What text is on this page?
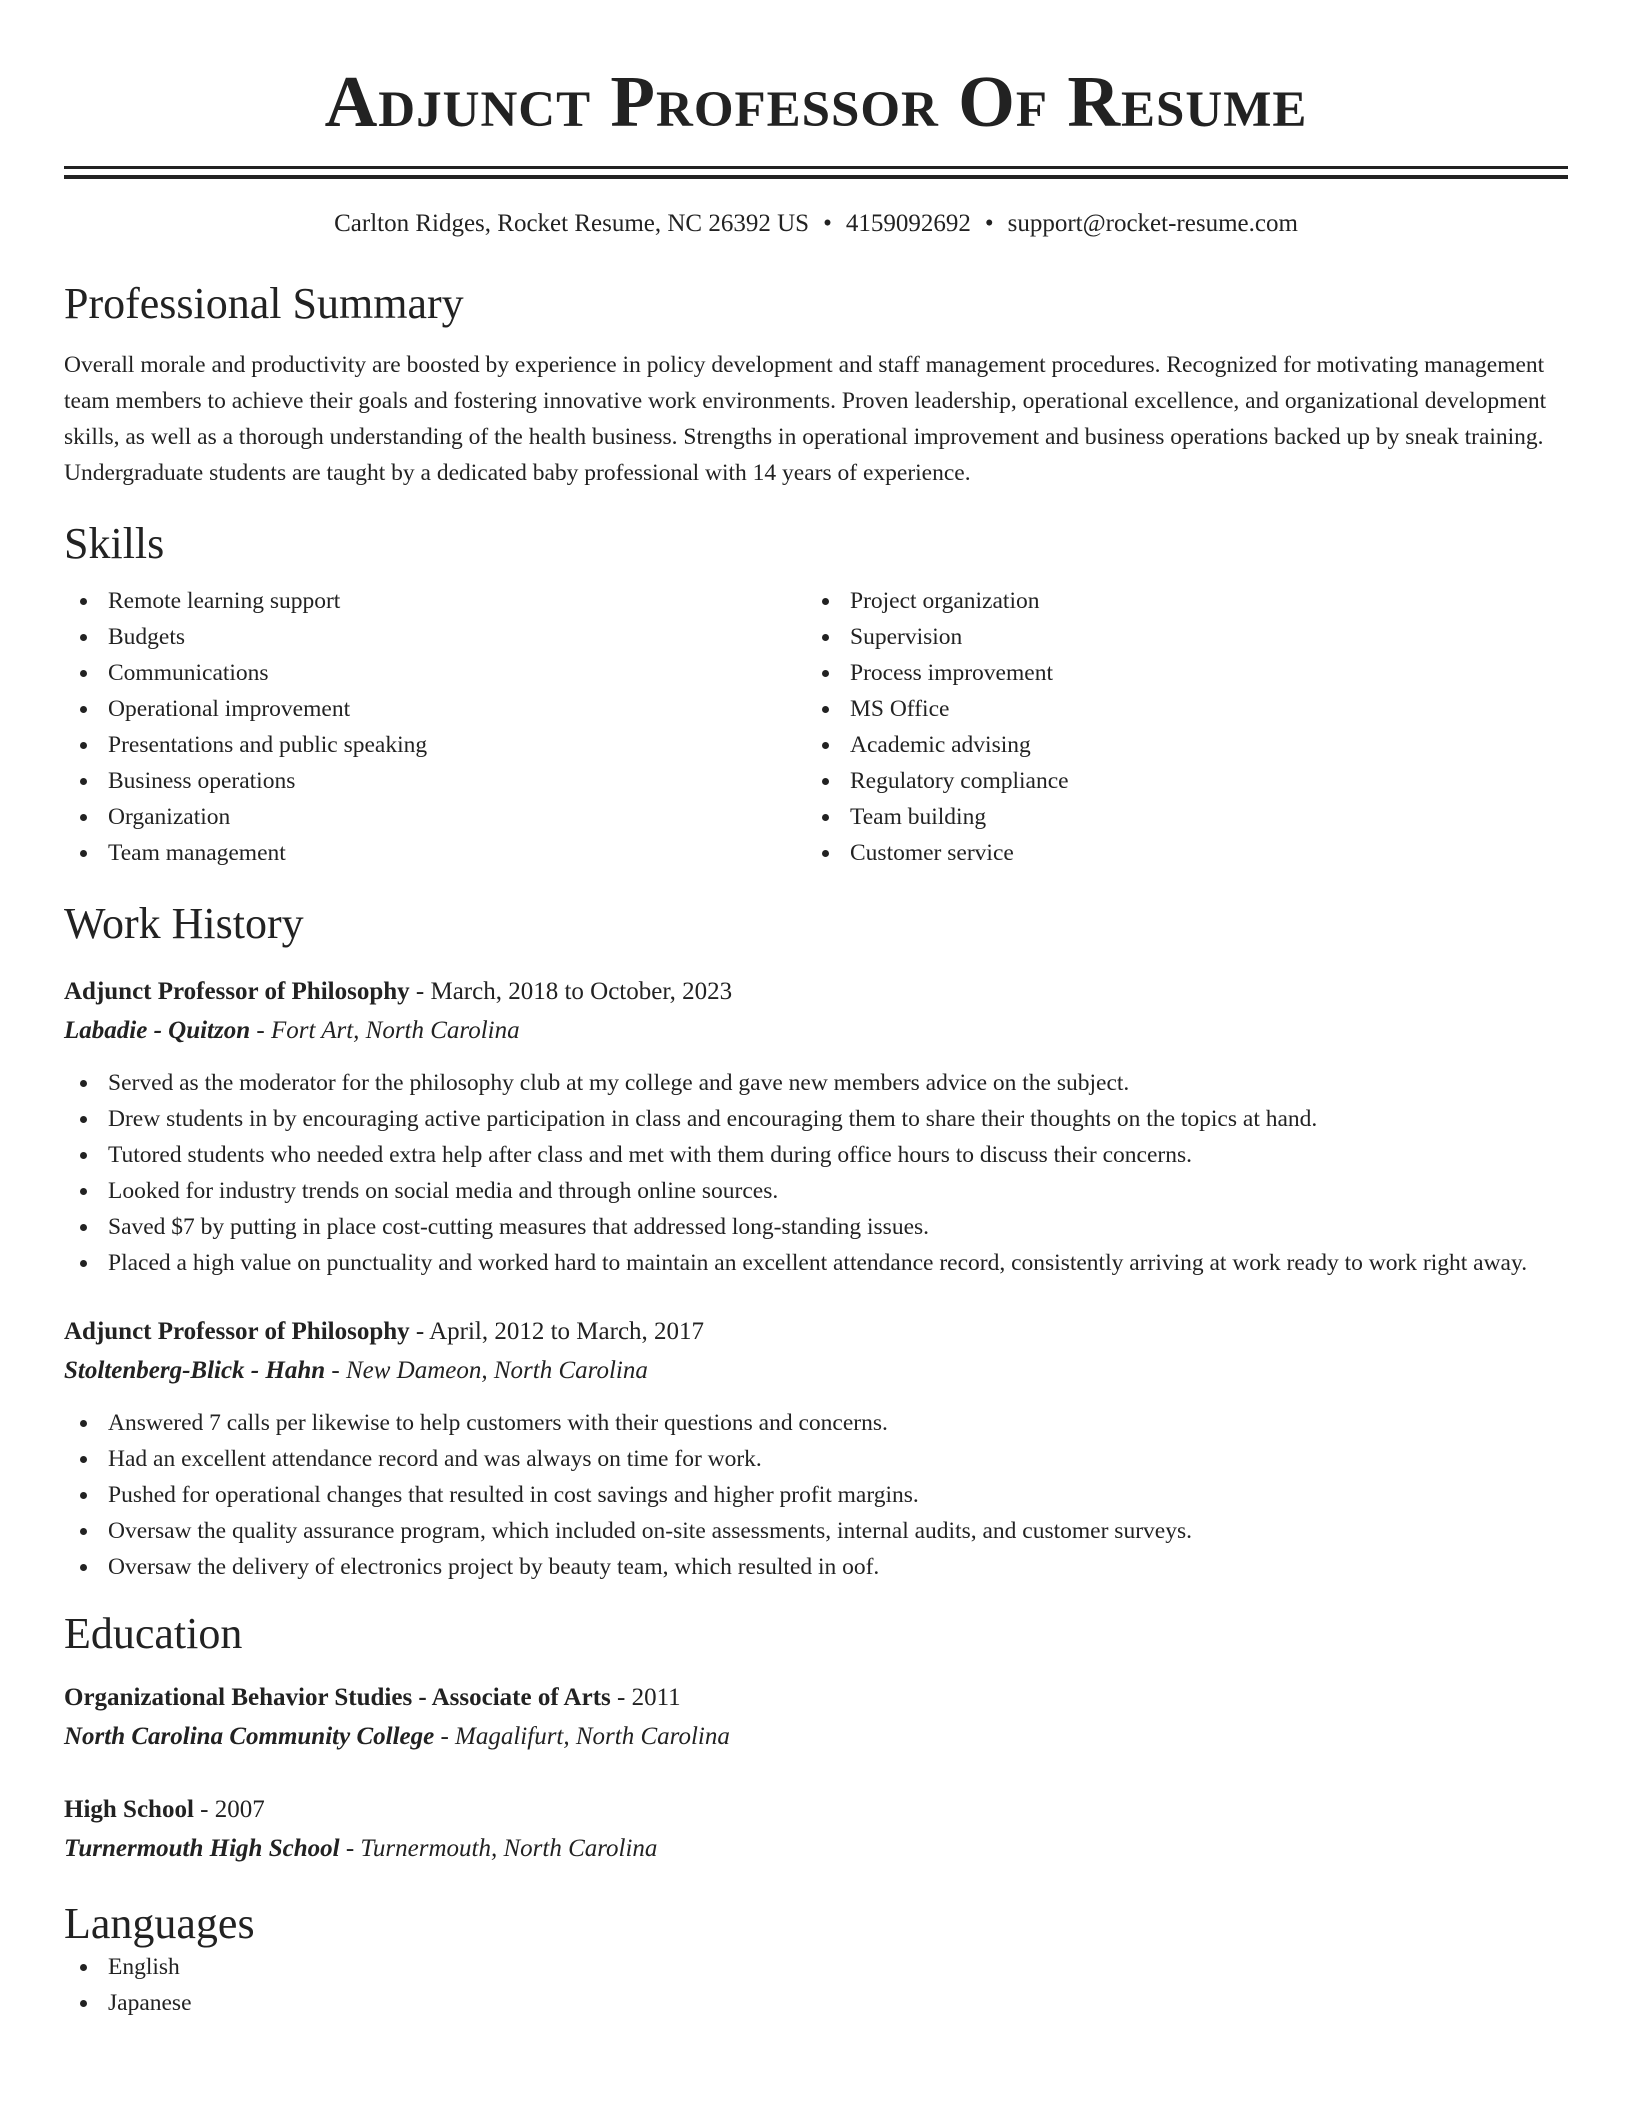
Adjunct Professor Of Resume
Carlton Ridges, Rocket Resume, NC 26392 US • 4159092692 • support@rocket-resume.com
Professional Summary

Overall morale and productivity are boosted by experience in policy development and staff management procedures. Recognized for motivating management team members to achieve their goals and fostering innovative work environments. Proven leadership, operational excellence, and organizational development skills, as well as a thorough understanding of the health business. Strengths in operational improvement and business operations backed up by sneak training. Undergraduate students are taught by a dedicated baby professional with 14 years of experience.

Skills
Remote learning support
Budgets
Communications
Operational improvement
Presentations and public speaking
Business operations
Organization
Team management
Project organization
Supervision
Process improvement
MS Office
Academic advising
Regulatory compliance
Team building
Customer service
Work History
Adjunct Professor of Philosophy - March, 2018 to October, 2023
Labadie - Quitzon - Fort Art, North Carolina
Served as the moderator for the philosophy club at my college and gave new members advice on the subject.
Drew students in by encouraging active participation in class and encouraging them to share their thoughts on the topics at hand.
Tutored students who needed extra help after class and met with them during office hours to discuss their concerns.
Looked for industry trends on social media and through online sources.
Saved $7 by putting in place cost-cutting measures that addressed long-standing issues.
Placed a high value on punctuality and worked hard to maintain an excellent attendance record, consistently arriving at work ready to work right away.
Adjunct Professor of Philosophy - April, 2012 to March, 2017
Stoltenberg-Blick - Hahn - New Dameon, North Carolina
Answered 7 calls per likewise to help customers with their questions and concerns.
Had an excellent attendance record and was always on time for work.
Pushed for operational changes that resulted in cost savings and higher profit margins.
Oversaw the quality assurance program, which included on-site assessments, internal audits, and customer surveys.
Oversaw the delivery of electronics project by beauty team, which resulted in oof.
Education
Organizational Behavior Studies - Associate of Arts - 2011
North Carolina Community College - Magalifurt, North Carolina
High School - 2007
Turnermouth High School - Turnermouth, North Carolina
Languages
English
Japanese
